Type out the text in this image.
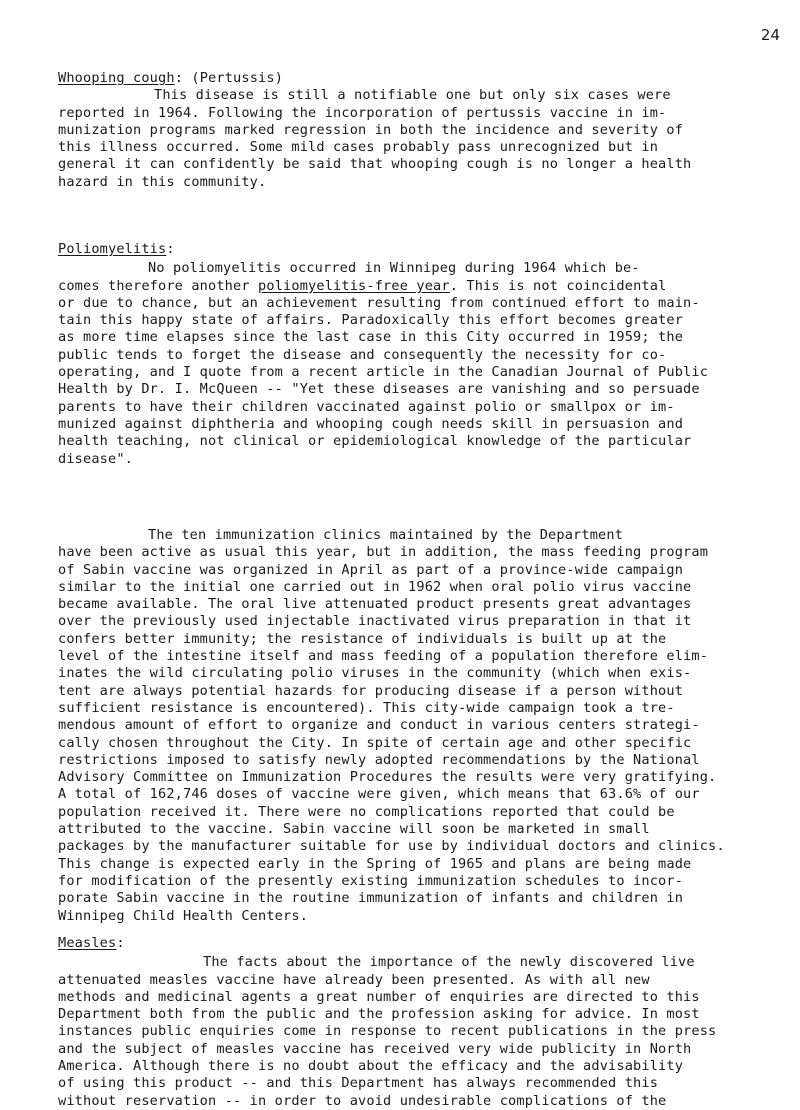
24
Whooping cough: (Pertussis)

This disease is still a notifiable one but only six cases were
reported in 1964. Following the incorporation of pertussis vaccine in im-
munization programs marked regression in both the incidence and severity of
this illness occurred. Some mild cases probably pass unrecognized but in
general it can confidently be said that whooping cough is no longer a health
hazard in this community.

Poliomyelitis:

No poliomyelitis occurred in Winnipeg during 1964 which be-
comes therefore another poliomyelitis-free year. This is not coincidental
or due to chance, but an achievement resulting from continued effort to main-
tain this happy state of affairs. Paradoxically this effort becomes greater
as more time elapses since the last case in this City occurred in 1959; the
public tends to forget the disease and consequently the necessity for co-
operating, and I quote from a recent article in the Canadian Journal of Public
Health by Dr. I. McQueen -- "Yet these diseases are vanishing and so persuade
parents to have their children vaccinated against polio or smallpox or im-
munized against diphtheria and whooping cough needs skill in persuasion and
health teaching, not clinical or epidemiological knowledge of the particular
disease".

The ten immunization clinics maintained by the Department
have been active as usual this year, but in addition, the mass feeding program
of Sabin vaccine was organized in April as part of a province-wide campaign
similar to the initial one carried out in 1962 when oral polio virus vaccine
became available. The oral live attenuated product presents great advantages
over the previously used injectable inactivated virus preparation in that it
confers better immunity; the resistance of individuals is built up at the
level of the intestine itself and mass feeding of a population therefore elim-
inates the wild circulating polio viruses in the community (which when exis-
tent are always potential hazards for producing disease if a person without
sufficient resistance is encountered). This city-wide campaign took a tre-
mendous amount of effort to organize and conduct in various centers strategi-
cally chosen throughout the City. In spite of certain age and other specific
restrictions imposed to satisfy newly adopted recommendations by the National
Advisory Committee on Immunization Procedures the results were very gratifying.
A total of 162,746 doses of vaccine were given, which means that 63.6% of our
population received it. There were no complications reported that could be
attributed to the vaccine. Sabin vaccine will soon be marketed in small
packages by the manufacturer suitable for use by individual doctors and clinics.
This change is expected early in the Spring of 1965 and plans are being made
for modification of the presently existing immunization schedules to incor-
porate Sabin vaccine in the routine immunization of infants and children in
Winnipeg Child Health Centers.

Measles:

The facts about the importance of the newly discovered live
attenuated measles vaccine have already been presented. As with all new
methods and medicinal agents a great number of enquiries are directed to this
Department both from the public and the profession asking for advice. In most
instances public enquiries come in response to recent publications in the press
and the subject of measles vaccine has received very wide publicity in North
America. Although there is no doubt about the efficacy and the advisability
of using this product -- and this Department has always recommended this
without reservation -- in order to avoid undesirable complications of the
